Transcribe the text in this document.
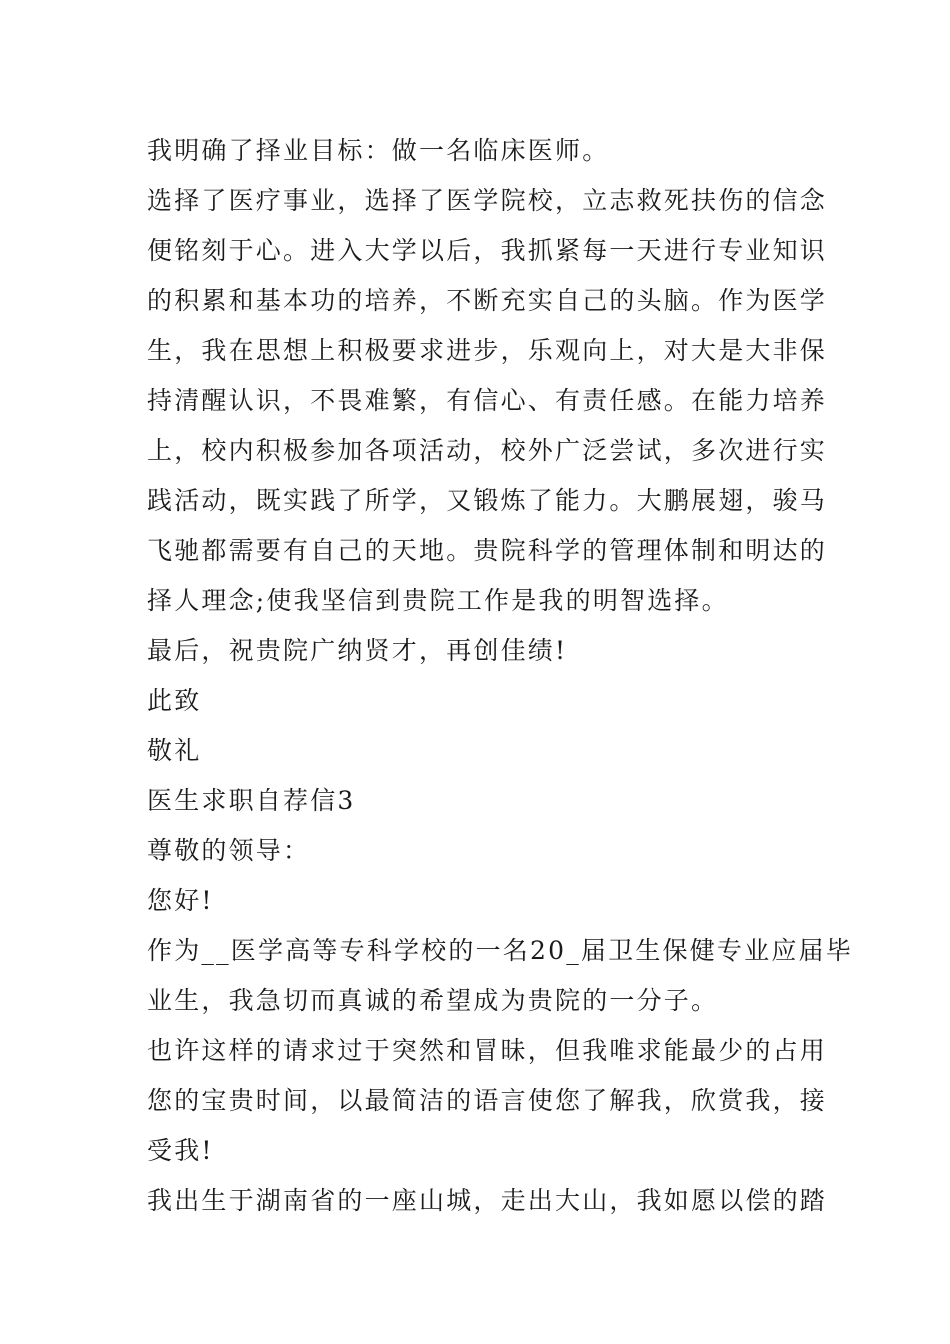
我明确了择业目标：做一名临床医师。
选择了医疗事业，选择了医学院校，立志救死扶伤的信念
便铭刻于心。进入大学以后，我抓紧每一天进行专业知识
的积累和基本功的培养，不断充实自己的头脑。作为医学
生，我在思想上积极要求进步，乐观向上，对大是大非保
持清醒认识，不畏难繁，有信心、有责任感。在能力培养
上，校内积极参加各项活动，校外广泛尝试，多次进行实
践活动，既实践了所学，又锻炼了能力。大鹏展翅，骏马
飞驰都需要有自己的天地。贵院科学的管理体制和明达的
择人理念;使我坚信到贵院工作是我的明智选择。
最后，祝贵院广纳贤才，再创佳绩!
此致
敬礼
医生求职自荐信3
尊敬的领导：
您好!
作为__医学高等专科学校的一名20_届卫生保健专业应届毕
业生，我急切而真诚的希望成为贵院的一分子。
也许这样的请求过于突然和冒昧，但我唯求能最少的占用
您的宝贵时间，以最简洁的语言使您了解我，欣赏我，接
受我!
我出生于湖南省的一座山城，走出大山，我如愿以偿的踏
